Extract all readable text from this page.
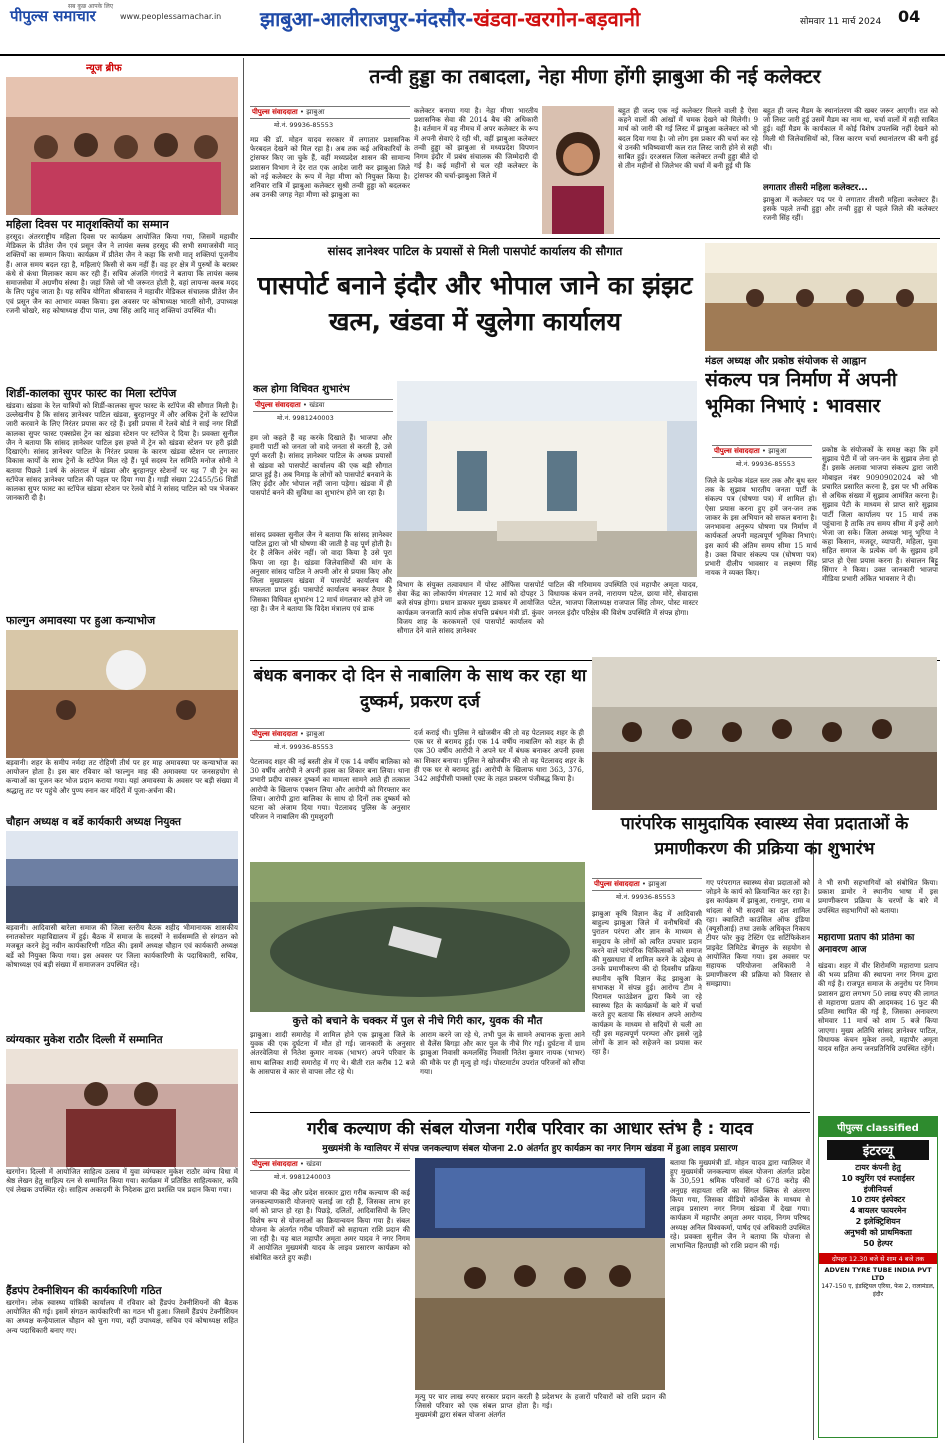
पीपुल्स समाचार
सब कुछ आपके लिए
www.peoplessamachar.in झाबुआ-आलीराजपुर-मंदसौर-खंडवा-खरगोन-बड़वानी	सोमवार 11 मार्च 2024 04
न्यूज ब्रीफ
महिला दिवस पर मातृशक्तियों का सम्मान
हरसूद। अंतरराष्ट्रीय महिला दिवस पर कार्यक्रम आयोजित किया गया, जिसमें महावीर मेडिकल के प्रीतेश जैन एवं प्रसून जैन ने लायंस क्लब हरसूद की सभी समाजसेवी मातृ शक्तियों का सम्मान किया। कार्यक्रम में प्रीतेश जैन ने कहा कि सभी मातृ शक्तियां पूजनीय हैं। आज समय बदल रहा है, महिलाएं किसी से कम नहीं हैं। वह हर क्षेत्र में पुरुषों के बराबर कंधे से कंधा मिलाकर काम कर रही हैं। सचिव अंजलि गंगराडे ने बताया कि लायंस क्लब समाजसेवा में अग्रणीय संस्था है। जहां जिसे जो भी जरूरत होती है, वहां लायन्स क्लब मदद के लिए पहुंच जाता है। यह सचिव योगिता श्रीवास्तव ने महावीर मेडिकल संचालक प्रीतेश जैन एवं प्रसून जैन का आभार व्यक्त किया। इस अवसर पर कोषाध्यक्ष भारती सोनी, उपाध्यक्ष रजनी चोखरे, सह कोषाध्यक्ष दीपा पाल, उषा सिंह आदि मातृ शक्तियां उपस्थित थी।
शिर्डी-कालका सुपर फास्ट का मिला स्टॉपेज
खंडवा। खंडवा के रेल यात्रियों को शिर्डी-कालका सुपर फास्ट के स्टॉपेज की सौगात मिली है। उल्लेखनीय है कि सांसद ज्ञानेश्वर पाटिल खंडवा, बुरहानपुर में और अधिक ट्रेनों के स्टॉपेज जारी करवाने के लिए निरंतर प्रयास कर रहे हैं। इसी प्रयास में रेलवे बोर्ड ने साई नगर शिर्डी कालका सुपर फास्ट एक्सप्रेस ट्रेन का खंडवा स्टेशन पर स्टॉपेज दे दिया है। प्रवक्ता सुनील जैन ने बताया कि सांसद ज्ञानेश्वर पाटिल इस हफ्ते में ट्रेन को खंडवा स्टेशन पर हरी झंडी दिखाएंगे। सांसद ज्ञानेश्वर पाटिल के निरंतर प्रयास के कारण खंडवा स्टेशन पर लगातार विकास कार्यों के साथ ट्रेनों के स्टॉपेज मिल रहे हैं। पूर्व सदस्य रेल समिति मनोज सोनी ने बताया पिछले 1वर्ष के अंतराल में खंडवा और बुरहानपुर स्टेशनों पर यह 7 वी ट्रेन का स्टॉपेज सांसद ज्ञानेश्वर पाटिल की पहल पर दिया गया है। गाड़ी संख्या 22455/56 शिर्डी कालका सुपर फास्ट का स्टॉपेज खंडवा स्टेशन पर रेलवे बोर्ड ने सांसद पाटिल को पत्र भेजकर जानकारी दी है।
फाल्गुन अमावस्या पर हुआ कन्याभोज
बड़वानी। शहर के समीप नर्मदा तट रोहिणी तीर्थ पर हर माह अमावस्या पर कन्याभोज का आयोजन होता है। इस बार रविवार को फाल्गुन माह की अमावस्या पर जनसहयोग से कन्याओं का पूजन कर भोज प्रदान कराया गया। यहां अमावस्या के अवसर पर बड़ी संख्या में श्रद्धालु तट पर पहुंचे और पुण्य स्नान कर मंदिरों में पूजा-अर्चना की।
चौहान अध्यक्ष व बर्डे कार्यकारी अध्यक्ष नियुक्त
बड़वानी। आदिवासी बारेला समाज की जिला स्तरीय बैठक शहीद भीमानायक शासकीय स्नातकोत्तर महाविद्यालय में हुई। बैठक में समाज के सदस्यों ने सर्वसम्मति से संगठन को मजबूत करने हेतु नवीन कार्यकारिणी गठित की। इसमें अध्यक्ष चौहान एवं कार्यकारी अध्यक्ष बर्डे को नियुक्त किया गया। इस अवसर पर जिला कार्यकारिणी के पदाधिकारी, सचिव, कोषाध्यक्ष एवं बड़ी संख्या में समाजजन उपस्थित रहे।
व्यंग्यकार मुकेश राठौर दिल्ली में सम्मानित
खरगोन। दिल्ली में आयोजित साहित्य उत्सव में युवा व्यंग्यकार मुकेश राठौर व्यंग्य विधा में श्रेष्ठ लेखन हेतु साहित्य रत्न से सम्मानित किया गया। कार्यक्रम में प्रतिष्ठित साहित्यकार, कवि एवं लेखक उपस्थित रहे। साहित्य अकादमी के निदेशक द्वारा प्रशस्ति पत्र प्रदान किया गया।
हैंडपंप टेक्नीशियन की कार्यकारिणी गठित
खरगोन। लोक स्वास्थ्य यांत्रिकी कार्यालय में रविवार को हैंडपंप टेक्नीशियनों की बैठक आयोजित की गई। इसमें संगठन कार्यकारिणी का गठन भी हुआ। जिसमें हैंडपंप टेक्नीशियन का अध्यक्ष कन्हैयालाल चौहान को चुना गया, वहीं उपाध्यक्ष, सचिव एवं कोषाध्यक्ष सहित अन्य पदाधिकारी बनाए गए।
तन्वी हुड्डा का तबादला, नेहा मीणा होंगी झाबुआ की नई कलेक्टर
पीपुल्स संवाददाता • झाबुआ
मो.नं. 99936-85553
मप्र की डॉ. मोहन यादव सरकार में लगातार प्रशासनिक फेरबदल देखने को मिल रहा है। अब तक कई अधिकारियों के ट्रांसफर किए जा चुके हैं, वहीं मध्यप्रदेश शासन की सामान्य प्रशासन विभाग ने देर रात एक आदेश जारी कर झाबुआ जिले को नई कलेक्टर के रूप में नेहा मीणा को नियुक्त किया है। शनिवार रात्रि में झाबुआ कलेक्टर सुश्री तन्वी हुड्डा को बदलकर अब उनकी जगह नेहा मीणा को झाबुआ का
कलेक्टर बनाया गया है। नेहा मीणा भारतीय प्रशासनिक सेवा की 2014 बैच की अधिकारी है। वर्तमान में वह नीमच में अपर कलेक्टर के रूप में अपनी सेवाएं दे रही थी, वहीं झाबुआ कलेक्टर तन्वी हुड्डा को झाबुआ से मध्यप्रदेश विपणन निगम इंदौर में प्रबंध संचालक की जिम्मेदारी दी गई है। कई महीनों से चल रही कलेक्टर के ट्रांसफर की चर्चा-झाबुआ जिले में
बहुत ही जल्द एक नई कलेक्टर मिलने वाली है ऐसा कहने वालों की आंखों में चमक देखने को मिलेगी। 9 मार्च को जारी की गई लिस्ट में झाबुआ कलेक्टर को भी बदल दिया गया है। जो लोग इस प्रकार की चर्चा कर रहे थे उनकी भविष्यवाणी कल रात लिस्ट जारी होने से सही साबित हुई। दरअसल जिला कलेक्टर तन्वी हुड्डा बीते दो से तीन महीनों से जिलेभर की चर्चा में बनी हुई थी कि
बहुत ही जल्द मैडम के स्थानांतरण की खबर जरूर आएगी। रात को जो लिस्ट जारी हुई उसमें मैडम का नाम था, चर्चा वालों में सही साबित हुई। वहीं मैडम के कार्यकाल में कोई विशेष उपलब्धि नहीं देखने को मिली थी जिलेवासियों को, जिस कारण चर्चा स्थानांतरण की बनी हुई थी।
लगातार तीसरी महिला कलेक्टर...
झाबुआ में कलेक्टर पद पर ये लगातार तीसरी महिला कलेक्टर हैं। इसके पहले तन्वी हुड्डा और तन्वी हुड्डा से पहले जिले की कलेक्टर रजनी सिंह रहीं।
सांसद ज्ञानेश्वर पाटिल के प्रयासों से मिली पासपोर्ट कार्यालय की सौगात
पासपोर्ट बनाने इंदौर और भोपाल जाने का झंझट खत्म, खंडवा में खुलेगा कार्यालय
कल होगा विधिवत शुभारंभ
पीपुल्स संवाददाता • खंडवा
मो.नं. 9981240003
हम जो कहते हैं वह करके दिखाते हैं। भाजपा और हमारी पार्टी को जनता जो वादे जनता से करती है, उसे पूर्ण करती है। सांसद ज्ञानेश्वर पाटिल के अथक प्रयासों से खंडवा को पासपोर्ट कार्यालय की एक बड़ी सौगात प्राप्त हुई है। अब निमाड़ के लोगों को पासपोर्ट बनवाने के लिए इंदौर और भोपाल नहीं जाना पड़ेगा। खंडवा में ही पासपोर्ट बनने की सुविधा का शुभारंभ होने जा रहा है।
सांसद प्रवक्ता सुनील जैन ने बताया कि सांसद ज्ञानेश्वर पाटिल द्वारा जो भी घोषणा की जाती है वह पूर्ण होती है। देर है लेकिन अंधेर नहीं। जो वादा किया है उसे पूरा किया जा रहा है। खंडवा जिलेवासियों की मांग के अनुसार सांसद पाटिल ने अपनी ओर से प्रयास किए और जिला मुख्यालय खंडवा में पासपोर्ट कार्यालय की सफलता प्राप्त हुई। पासपोर्ट कार्यालय बनकर तैयार है जिसका विधिवत शुभारंभ 12 मार्च मंगलवार को होने जा रहा है। जैन ने बताया कि विदेश मंत्रालय एवं डाक
विभाग के संयुक्त तत्वावधान में पोस्ट ऑफिस पासपोर्ट सेवा केंद्र का लोकार्पण मंगलवार 12 मार्च को दोपहर 3 बजे संपन्न होगा। प्रधान डाकघर मुख्य डाकघर में आयोजित कार्यक्रम जनजाति कार्य लोक संपत्ति प्रबंधन मंत्री डॉ. कुंवर विजय शाह के करकमलों एवं पासपोर्ट कार्यालय को सौगात देने वाले सांसद ज्ञानेश्वर
पाटिल की गरिमामय उपस्थिति एवं महापौर अमृता यादव, विधायक कंचन तनवे, नारायण पटेल, छाया मोरे, सेवादास पटेल, भाजपा जिलाध्यक्ष राजपाल सिंह तोमर, पोस्ट मास्टर जनरल इंदौर परिक्षेत्र की विशेष उपस्थिति में संपन्न होगा।
मंडल अध्यक्ष और प्रकोष्ठ संयोजक से आह्वान
संकल्प पत्र निर्माण में अपनी भूमिका निभाएं : भावसार
पीपुल्स संवाददाता • झाबुआ
मो.नं. 99936-85553
जिले के प्रत्येक मंडल स्तर तक और बूथ स्तर तक के सुझाव भारतीय जनता पार्टी के संकल्प पत्र (घोषणा पत्र) में शामिल हो। ऐसा प्रयास करना हुए हमें जन-जन तक जाकर के इस अभियान को सफल बनाना है। जनभावना अनुरूप घोषणा पत्र निर्माण में कार्यकर्ता अपनी महत्वपूर्ण भूमिका निभाएं। इस कार्य की अंतिम समय सीमा 15 मार्च है। उक्त विचार संकल्प पत्र (घोषणा पत्र) प्रभारी दीलीप भावसार व लक्ष्मण सिंह नायक ने व्यक्त किए।
प्रकोष्ठ के संयोजकों के समक्ष कहा कि हमें सुझाव पेटी में जो जन-जन के सुझाव लेना हो हैं। इसके अलावा भाजपा संकल्प द्वारा जारी मोबाइल नंबर 9090902024 को भी प्रचारित प्रसारित करना है, इस पर भी अधिक से अधिक संख्या में सुझाव आमंत्रित करना है। सुझाव पेटी के माध्यम से प्राप्त सारे सुझाव पार्टी जिला कार्यालय पर 15 मार्च तक पहुंचाना है ताकि तय समय सीमा में इन्हें आगे भेजा जा सके। जिला अध्यक्ष भानू भूरिया ने कहा किसान, मजदूर, व्यापारी, महिला, युवा सहित समाज के प्रत्येक वर्ग के सुझाव हमें प्राप्त हो ऐसा प्रयास करना है। संचालन बिट्टू सिंगार ने किया। उक्त जानकारी भाजपा मीडिया प्रभारी अंकित भावसार ने दी।
बंधक बनाकर दो दिन से नाबालिग के साथ कर रहा था दुष्कर्म, प्रकरण दर्ज
पीपुल्स संवाददाता • झाबुआ
मो.नं. 99936-85553
पेटलावद शहर की नई बस्ती क्षेत्र में एक 14 वर्षीय बालिका को 30 वर्षीय आरोपी ने अपनी हवस का शिकार बना लिया। थाना प्रभारी प्रदीप वास्कर दुष्कर्म का मामला सामने आते ही तत्काल आरोपी के खिलाफ एक्शन लिया और आरोपी को गिरफ्तार कर लिया। आरोपी द्वारा बालिका के साथ दो दिनों तक दुष्कर्म को घटना को अंजाम दिया गया। पेटलावद पुलिस के अनुसार परिजन ने नाबालिग की गुमशुदगी
दर्ज कराई थी। पुलिस ने खोजबीन की तो वह पेटलावद शहर के ही एक घर से बरामद हुई। एक 14 वर्षीय नाबालिग को शहर के ही एक 30 वर्षीय आरोपी ने अपने घर में बंधक बनाकर अपनी हवस का शिकार बनाया। पुलिस ने खोजबीन की तो वह पेटलावद शहर के ही एक घर से बरामद हुई। आरोपी के खिलाफ धारा 363, 376, 342 आईपीसी पाक्सो एक्ट के तहत प्रकरण पंजीबद्ध किया है।
कुत्ते को बचाने के चक्कर में पुल से नीचे गिरी कार, युवक की मौत
झाबुआ। शादी समारोह में शामिल होने एक झाबुआ जिले के युवक की एक दुर्घटना में मौत हो गई। जानकारी के अनुसार अंतरवेलिया से नितेश कुमार नायक (भाभर) अपने परिवार के साथ बालिका शादी समारोह में गए थे। बीती रात करीब 12 बजे के आसपास वे कार से वापस लौट रहे थे।
आराम करने जा रहे थे, तभी पुल के सामने अचानक कुत्ता आने से वैलेंस बिगड़ा और कार पुल के नीचे गिर गई। दुर्घटना में ग्राम झाबुआ निवासी कमलसिंह निवासी नितेश कुमार नायक (भाभर) की मौके पर ही मृत्यु हो गई। पोस्टमार्टम उपरांत परिजनों को सौंपा गया।
पारंपरिक सामुदायिक स्वास्थ्य सेवा प्रदाताओं के प्रमाणीकरण की प्रक्रिया का शुभारंभ
पीपुल्स संवाददाता • झाबुआ
मो.नं. 99936-85553
झाबुआ कृषि विज्ञान केंद्र में आदिवासी बाहुल्य झाबुआ जिले में वनौषधियों की पुरातन परंपरा और ज्ञान के माध्यम से समुदाय के लोगों को त्वरित उपचार प्रदान करने वाले पारंपरिक चिकित्सकों को समाज की मुख्यधारा में शामिल करने के उद्देश्य से उनके प्रमाणीकरण की दो दिवसीय प्रक्रिया स्थानीय कृषि विज्ञान केंद्र झाबुआ के सभाकक्ष में संपन्न हुई। आरोग्य टीम ने पिरामल फाउंडेशन द्वारा किये जा रहे स्वास्थ्य हित के कार्यक्रमों के बारे में चर्चा करते हुए बताया कि संस्थान अपने आरोग्य कार्यक्रम के माध्यम से सदियों से चली आ रही इस महत्वपूर्ण परम्परा और इससे जुड़े लोगों के ज्ञान को सहेजने का प्रयास कर रहा है।
गए परंपरागत स्वास्थ्य सेवा प्रदाताओं को जोड़ने के कार्य को क्रियान्वित कर रहा है। इस कार्यक्रम में झाबुआ, रानापुर, रामा व थांदला से भी सदस्यों का दल शामिल रहा। क्वालिटी काउंसिल ऑफ इंडिया (क्यूसीआई) तथा उसके अधिकृत निकाय टीयर फोर कुइ टेस्टिंग एंड सर्टिफिकेशन प्राइवेट लिमिटेड बेंगलुरु के सहयोग से आयोजित किया गया। इस अवसर पर सहायक परियोजना अधिकारी ने प्रमाणीकरण की प्रक्रिया को विस्तार से समझाया।
ने भी सभी सहभागियों को संबोधित किया। प्रकाश डामोर ने स्थानीय भाषा में इस प्रमाणीकरण प्रक्रिया के चरणों के बारे में उपस्थित सहभागियों को बताया।
महाराणा प्रताप की प्रतिमा का अनावरण आज
खंडवा। शहर में वीर शिरोमणि महाराणा प्रताप की भव्य प्रतिमा की स्थापना नगर निगम द्वारा की गई है। राजपूत समाज के अनुरोध पर निगम प्रशासन द्वारा लगभग 50 लाख रुपए की लागत से महाराणा प्रताप की आदमकद 16 फुट की प्रतिमा स्थापित की गई है, जिसका अनावरण सोमवार 11 मार्च को शाम 5 बजे किया जाएगा। मुख्य अतिथि सांसद ज्ञानेश्वर पाटिल, विधायक कंचन मुकेश तनवे, महापौर अमृता यादव सहित अन्य जनप्रतिनिधि उपस्थित रहेंगे।
गरीब कल्याण की संबल योजना गरीब परिवार का आधार स्तंभ है : यादव
मुख्यमंत्री के ग्वालियर में संपन्न जनकल्याण संबल योजना 2.0 अंतर्गत हुए कार्यक्रम का नगर निगम खंडवा में हुआ लाइव प्रसारण
पीपुल्स संवाददाता • खंडवा
मो.नं. 9981240003
भाजपा की केंद्र और प्रदेश सरकार द्वारा गरीब कल्याण की कई जनकल्याणकारी योजनाएं चलाई जा रही हैं, जिसका लाभ हर वर्ग को प्राप्त हो रहा है। पिछड़े, दलितों, आदिवासियों के लिए विशेष रूप से योजनाओं का क्रियान्वयन किया गया है। संबल योजना के अंतर्गत गरीब परिवारों को सहायता राशि प्रदान की जा रही है। यह बात महापौर अमृता अमर यादव ने नगर निगम में आयोजित मुख्यमंत्री यादव के लाइव प्रसारण कार्यक्रम को संबोधित करते हुए कही।
मृत्यु पर चार लाख रुपए सरकार प्रदान करती है जिससे परिवार को एक संबल प्राप्त होता है। मुख्यमंत्री द्वारा संबल योजना अंतर्गत
प्रदेशभर के हजारों परिवारों को राशि प्रदान की गई।
बताया कि मुख्यमंत्री डॉ. मोहन यादव द्वारा ग्वालियर में हुए मुख्यमंत्री जनकल्याण संबल योजना अंतर्गत प्रदेश के 30,591 श्रमिक परिवारों को 678 करोड़ की अनुग्रह सहायता राशि का सिंगल क्लिक से अंतरण किया गया, जिसका वीडियो कॉन्फ्रेंस के माध्यम से लाइव प्रसारण नगर निगम खंडवा में देखा गया। कार्यक्रम में महापौर अमृता अमर यादव, निगम परिषद अध्यक्ष अनिल विश्वकर्मा, पार्षद एवं अधिकारी उपस्थित रहे। प्रवक्ता सुनील जैन ने बताया कि योजना से लाभान्वित हितग्राही को राशि प्रदान की गई।
पीपुल्स classified
इंटरव्यू
टायर कंपनी हेतु
10 क्युरिंग एवं स्प्लाईसर
इंजीनियर्स
10 टायर इंस्पेक्टर
4 बायलर फायरमेन
2 इलेक्ट्रिशियन
अनुभवी को प्राथमिकता
50 हेल्पर
दोपहर 12.30 बजे से शाम 4 बजे तक
ADVEN TYRE TUBE INDIA PVT LTD
147-150 ए, इंडस्ट्रियल एरिया, फेस 2, रालामंडल, इंदौर
